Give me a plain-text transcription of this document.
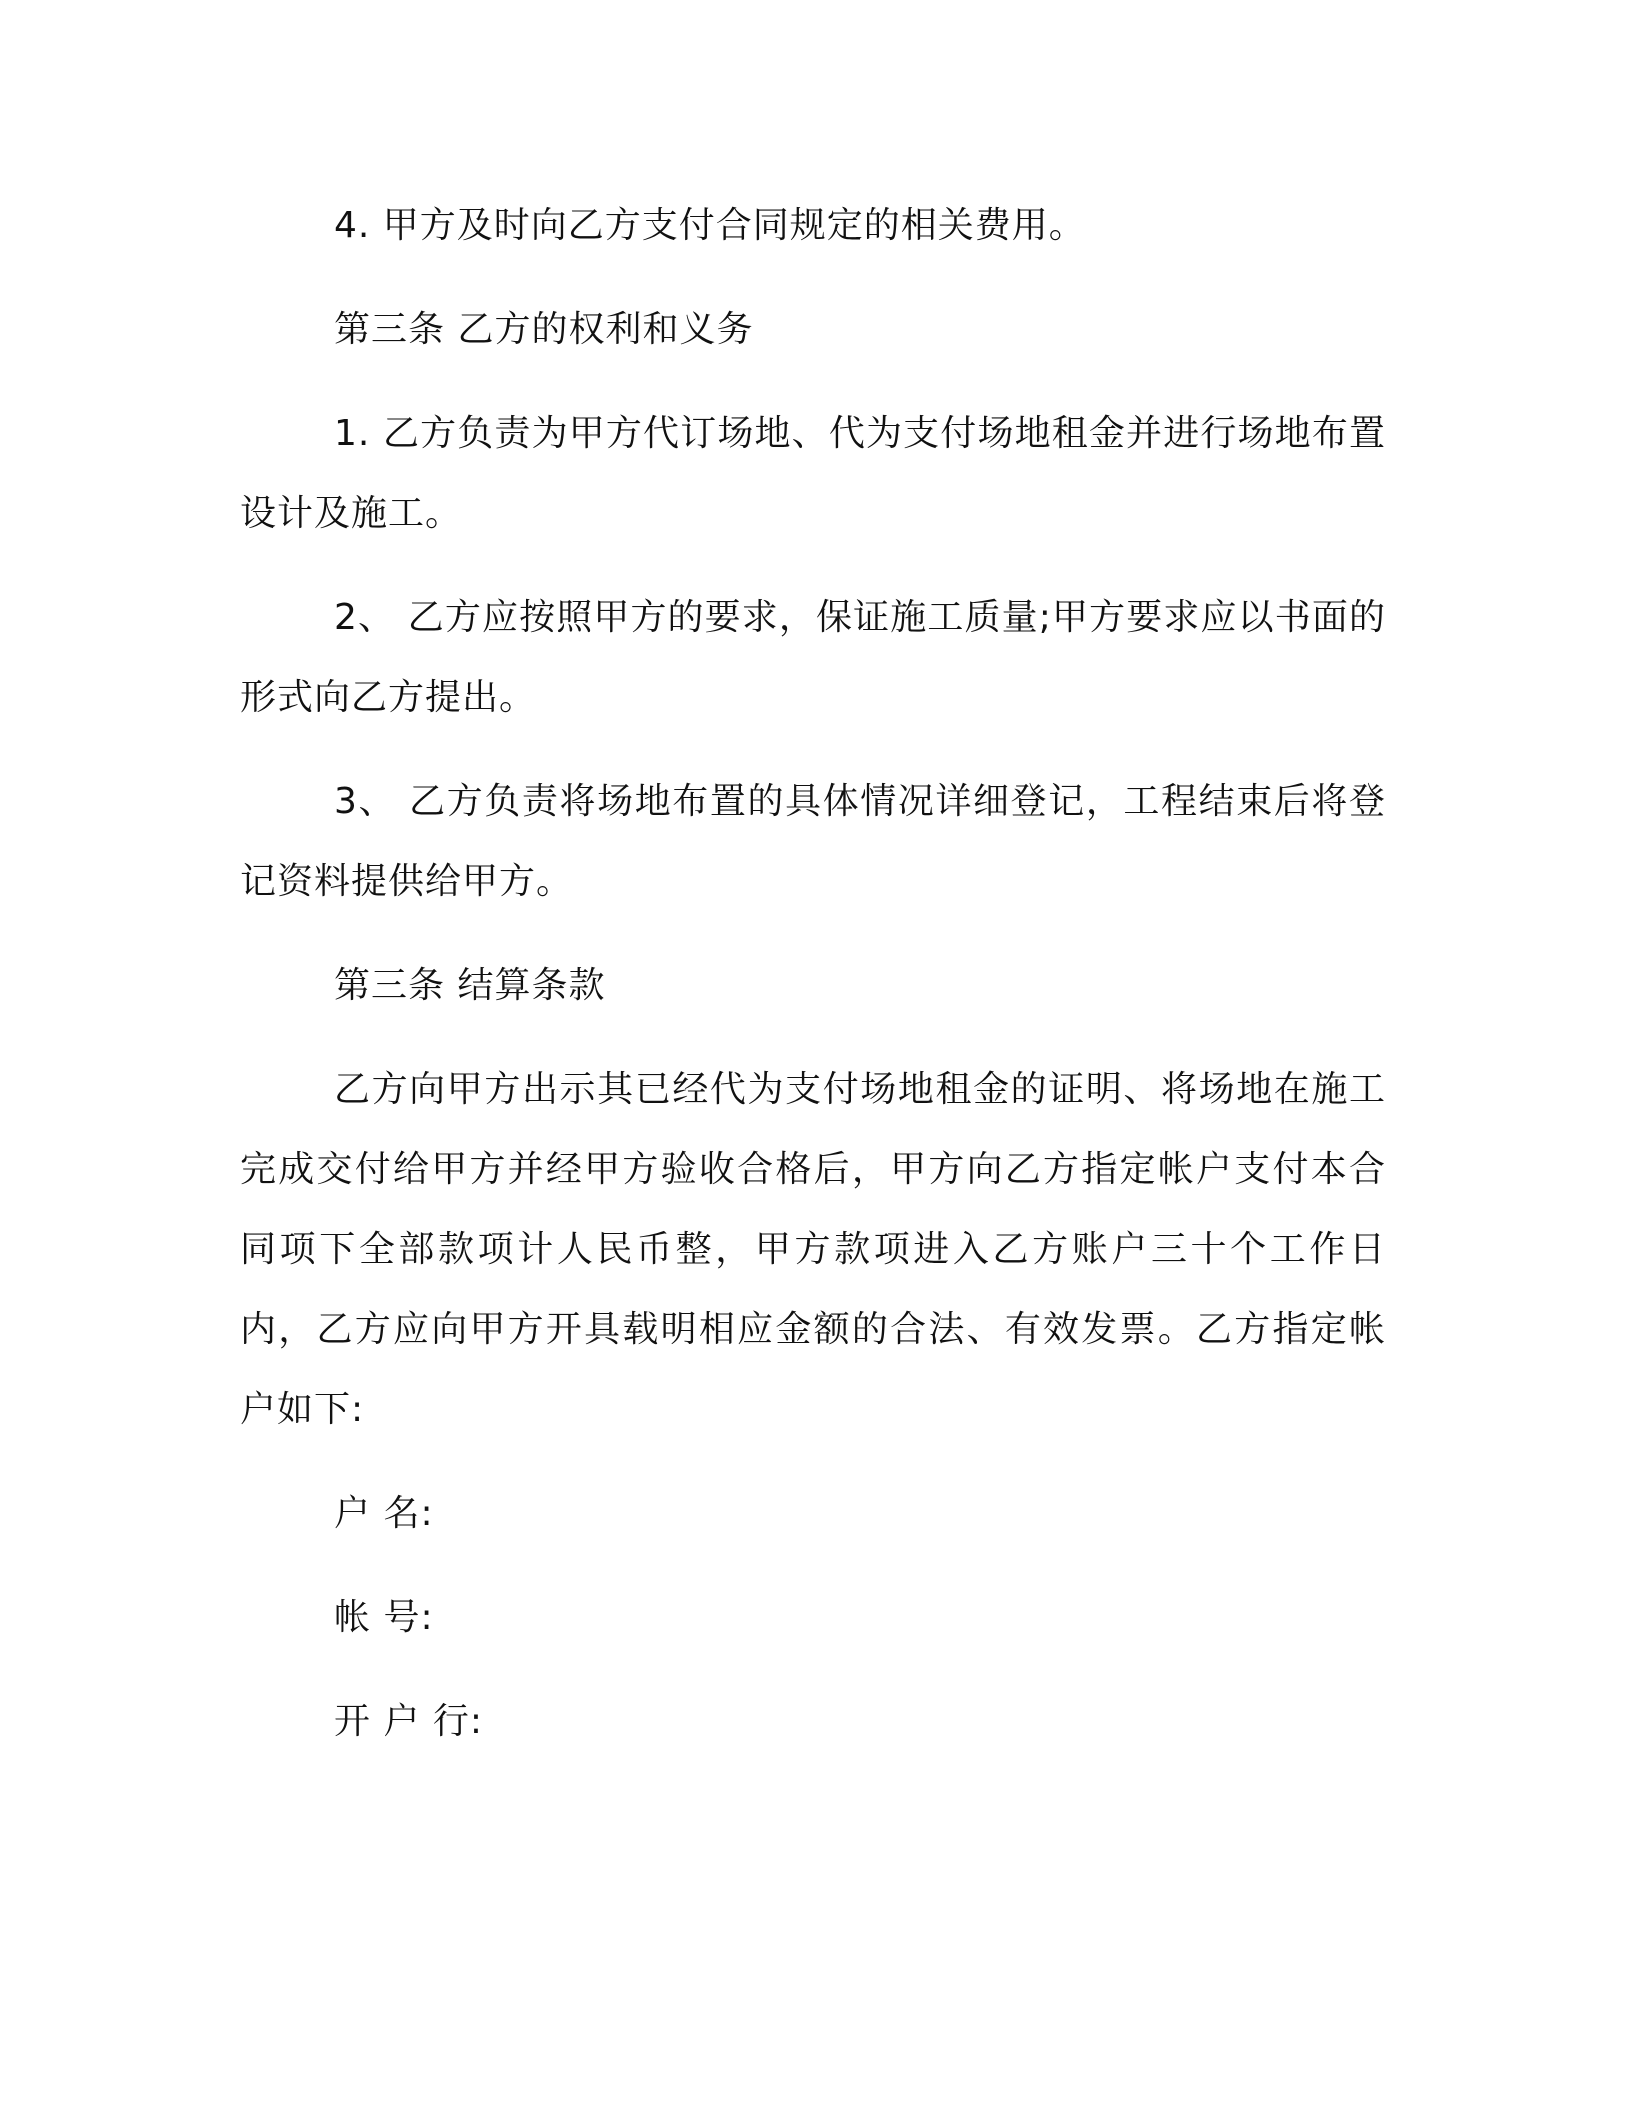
4. 甲方及时向乙方支付合同规定的相关费用。

第三条 乙方的权利和义务

1. 乙方负责为甲方代订场地、代为支付场地租金并进行场地布置设计及施工。

2、 乙方应按照甲方的要求，保证施工质量;甲方要求应以书面的形式向乙方提出。

3、 乙方负责将场地布置的具体情况详细登记，工程结束后将登记资料提供给甲方。

第三条 结算条款

乙方向甲方出示其已经代为支付场地租金的证明、将场地在施工完成交付给甲方并经甲方验收合格后，甲方向乙方指定帐户支付本合同项下全部款项计人民币整，甲方款项进入乙方账户三十个工作日内，乙方应向甲方开具载明相应金额的合法、有效发票。乙方指定帐户如下:

户 名:
帐 号:
开 户 行:
